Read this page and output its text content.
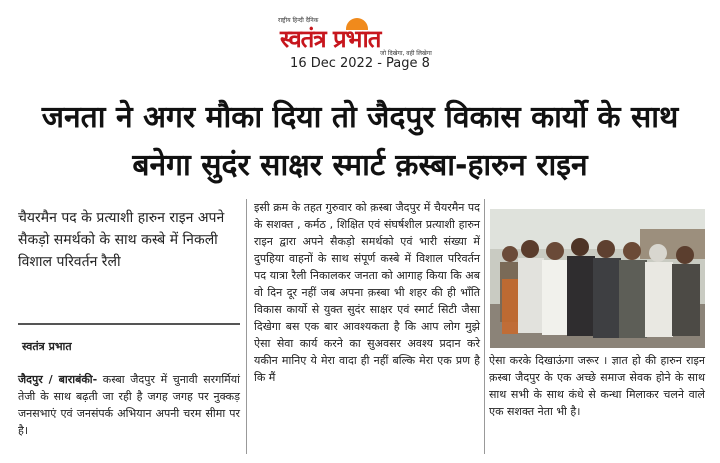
राष्ट्रीय हिन्दी दैनिक
स्वतंत्र प्रभात
जो दिखेगा, वही लिखेगा
16 Dec 2022 - Page 8
जनता ने अगर मौका दिया तो जैदपुर विकास कार्यो के साथ बनेगा सुदंर साक्षर स्मार्ट क़स्बा-हारुन राइन
चैयरमैन पद के प्रत्याशी हारुन राइन अपने सैकड़ो समर्थको के साथ कस्बे में निकली विशाल परिवर्तन रैली
स्वतंत्र प्रभात
जैदपुर / बाराबंकी- कस्बा जैदपुर में चुनावी सरगर्मियां तेजी के साथ बढ़ती जा रही है जगह जगह पर नुक्कड़ जनसभाएं एवं जनसंपर्क अभियान अपनी चरम सीमा पर है।
इसी क्रम के तहत गुरुवार को क़स्बा जैदपुर में चैयरमैन पद के सशक्त , कर्मठ , शिक्षित एवं संघर्षशील प्रत्याशी हारुन राइन द्वारा अपने सैकड़ो समर्थको एवं भारी संख्या में दुपहिया वाहनों के साथ संपूर्ण कस्बे में विशाल परिवर्तन पद यात्रा रैली निकालकर जनता को आगाह किया कि अब वो दिन दूर नहीं जब अपना क़स्बा भी शहर की ही भाँति विकास कार्यो से युक्त सुदंर साक्षर एवं स्मार्ट सिटी जैसा दिखेगा बस एक बार आवश्यकता है कि आप लोग मुझे ऐसा सेवा कार्य करने का सुअवसर अवश्य प्रदान करे यकीन मानिए ये मेरा वादा ही नहीं बल्कि मेरा एक प्रण है कि मैं
ऐसा करके दिखाऊंगा जरूर । ज्ञात हो की हारुन राइन क़स्बा जैदपुर के एक अच्छे समाज सेवक होने के साथ साथ सभी के साथ कंधे से कन्धा मिलाकर चलने वाले एक सशक्त नेता भी है।
